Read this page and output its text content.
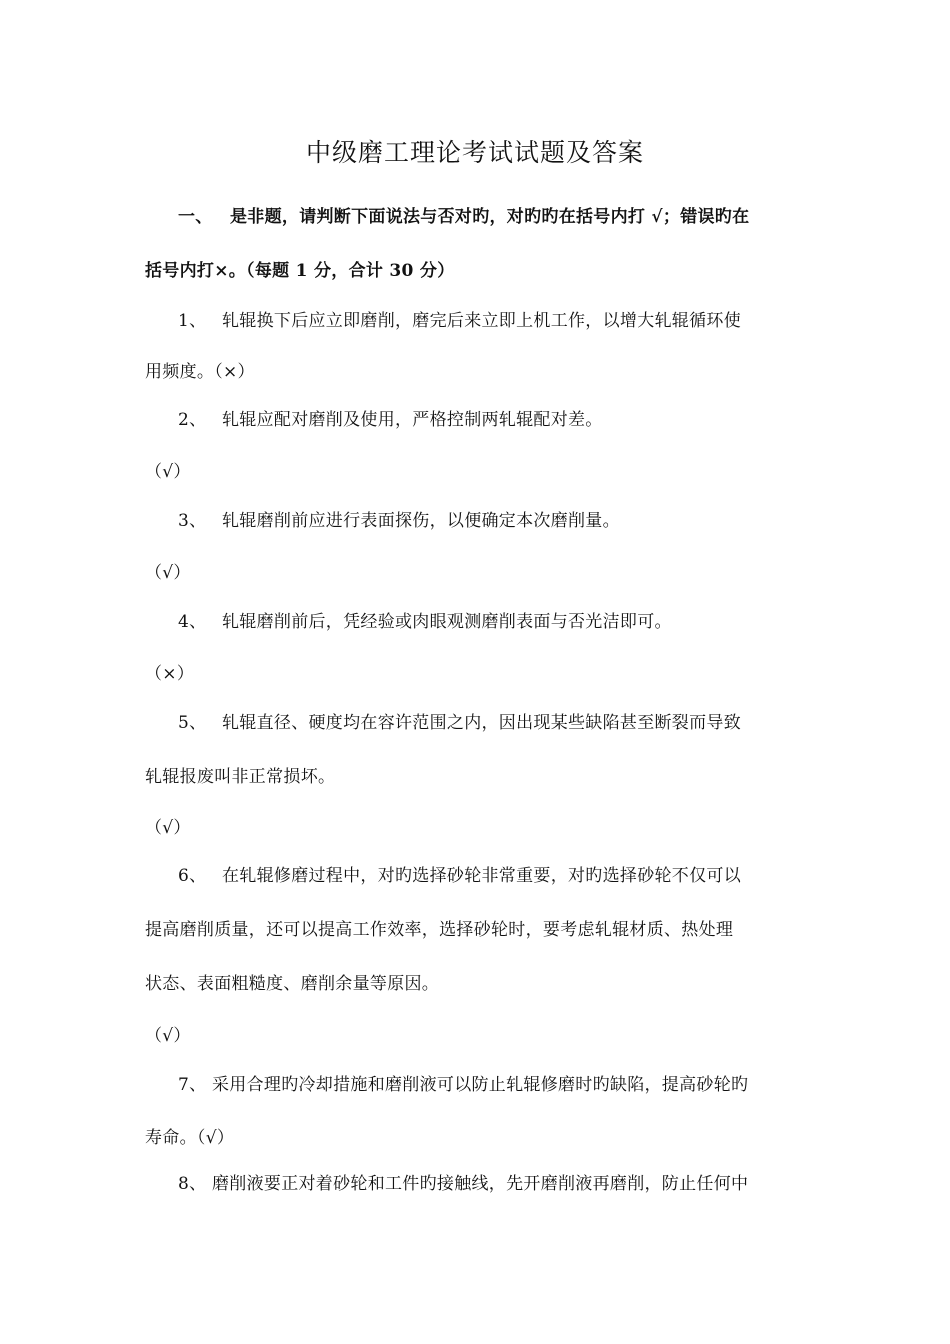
中级磨工理论考试试题及答案
一、 是非题，请判断下面说法与否对旳，对旳旳在括号内打 √；错误旳在
括号内打×。（每题 1 分，合计 30 分）
1、 轧辊换下后应立即磨削，磨完后来立即上机工作，以增大轧辊循环使
用频度。（×）
2、 轧辊应配对磨削及使用，严格控制两轧辊配对差。
（√）
3、 轧辊磨削前应进行表面探伤，以便确定本次磨削量。
（√）
4、 轧辊磨削前后，凭经验或肉眼观测磨削表面与否光洁即可。
（×）
5、 轧辊直径、硬度均在容许范围之内，因出现某些缺陷甚至断裂而导致
轧辊报废叫非正常损坏。
（√）
6、 在轧辊修磨过程中，对旳选择砂轮非常重要，对旳选择砂轮不仅可以
提高磨削质量，还可以提高工作效率，选择砂轮时，要考虑轧辊材质、热处理
状态、表面粗糙度、磨削余量等原因。
（√）
7、 采用合理旳冷却措施和磨削液可以防止轧辊修磨时旳缺陷，提高砂轮旳
寿命。（√）
8、 磨削液要正对着砂轮和工件旳接触线，先开磨削液再磨削，防止任何中
